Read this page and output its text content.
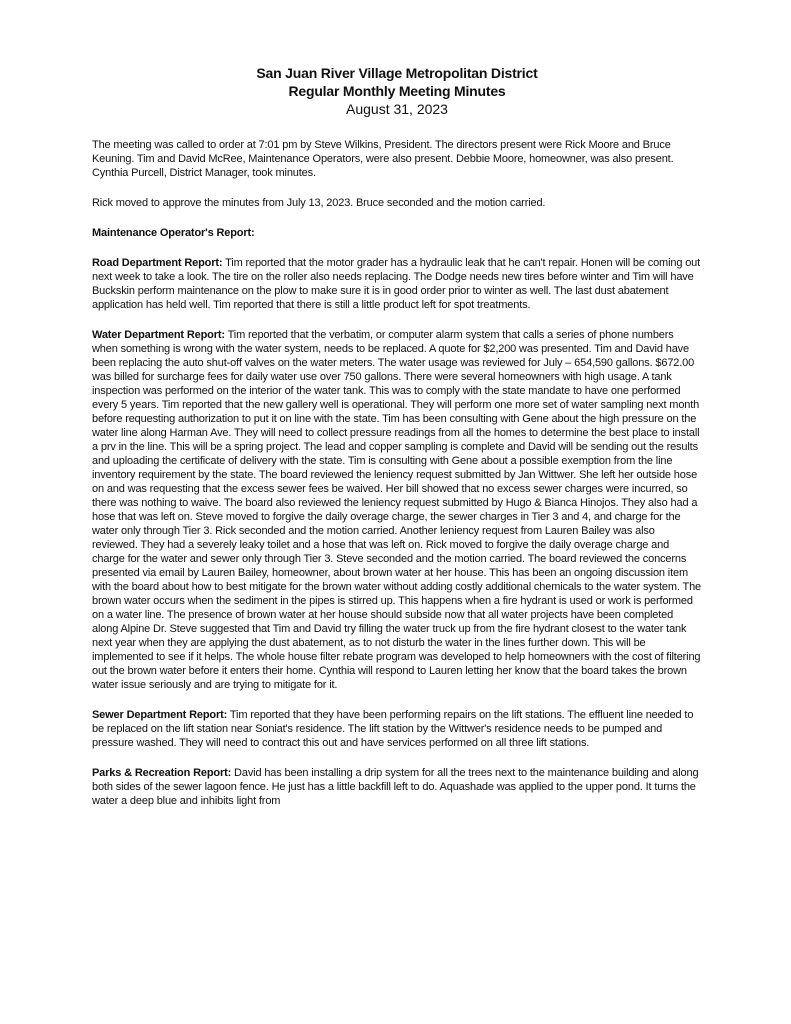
San Juan River Village Metropolitan District
Regular Monthly Meeting Minutes
August 31, 2023

The meeting was called to order at 7:01 pm by Steve Wilkins, President. The directors present were Rick Moore and Bruce Keuning. Tim and David McRee, Maintenance Operators, were also present. Debbie Moore, homeowner, was also present. Cynthia Purcell, District Manager, took minutes.

Rick moved to approve the minutes from July 13, 2023. Bruce seconded and the motion carried.

Maintenance Operator's Report:

Road Department Report: Tim reported that the motor grader has a hydraulic leak that he can't repair. Honen will be coming out next week to take a look. The tire on the roller also needs replacing. The Dodge needs new tires before winter and Tim will have Buckskin perform maintenance on the plow to make sure it is in good order prior to winter as well. The last dust abatement application has held well. Tim reported that there is still a little product left for spot treatments.

Water Department Report: Tim reported that the verbatim, or computer alarm system that calls a series of phone numbers when something is wrong with the water system, needs to be replaced. A quote for $2,200 was presented. Tim and David have been replacing the auto shut-off valves on the water meters. The water usage was reviewed for July – 654,590 gallons. $672.00 was billed for surcharge fees for daily water use over 750 gallons. There were several homeowners with high usage. A tank inspection was performed on the interior of the water tank. This was to comply with the state mandate to have one performed every 5 years. Tim reported that the new gallery well is operational. They will perform one more set of water sampling next month before requesting authorization to put it on line with the state. Tim has been consulting with Gene about the high pressure on the water line along Harman Ave. They will need to collect pressure readings from all the homes to determine the best place to install a prv in the line. This will be a spring project. The lead and copper sampling is complete and David will be sending out the results and uploading the certificate of delivery with the state. Tim is consulting with Gene about a possible exemption from the line inventory requirement by the state. The board reviewed the leniency request submitted by Jan Wittwer. She left her outside hose on and was requesting that the excess sewer fees be waived. Her bill showed that no excess sewer charges were incurred, so there was nothing to waive. The board also reviewed the leniency request submitted by Hugo & Bianca Hinojos. They also had a hose that was left on. Steve moved to forgive the daily overage charge, the sewer charges in Tier 3 and 4, and charge for the water only through Tier 3. Rick seconded and the motion carried. Another leniency request from Lauren Bailey was also reviewed. They had a severely leaky toilet and a hose that was left on. Rick moved to forgive the daily overage charge and charge for the water and sewer only through Tier 3. Steve seconded and the motion carried. The board reviewed the concerns presented via email by Lauren Bailey, homeowner, about brown water at her house. This has been an ongoing discussion item with the board about how to best mitigate for the brown water without adding costly additional chemicals to the water system. The brown water occurs when the sediment in the pipes is stirred up. This happens when a fire hydrant is used or work is performed on a water line. The presence of brown water at her house should subside now that all water projects have been completed along Alpine Dr. Steve suggested that Tim and David try filling the water truck up from the fire hydrant closest to the water tank next year when they are applying the dust abatement, as to not disturb the water in the lines further down. This will be implemented to see if it helps. The whole house filter rebate program was developed to help homeowners with the cost of filtering out the brown water before it enters their home. Cynthia will respond to Lauren letting her know that the board takes the brown water issue seriously and are trying to mitigate for it.

Sewer Department Report: Tim reported that they have been performing repairs on the lift stations. The effluent line needed to be replaced on the lift station near Soniat's residence. The lift station by the Wittwer's residence needs to be pumped and pressure washed. They will need to contract this out and have services performed on all three lift stations.

Parks & Recreation Report: David has been installing a drip system for all the trees next to the maintenance building and along both sides of the sewer lagoon fence. He just has a little backfill left to do. Aquashade was applied to the upper pond. It turns the water a deep blue and inhibits light from
